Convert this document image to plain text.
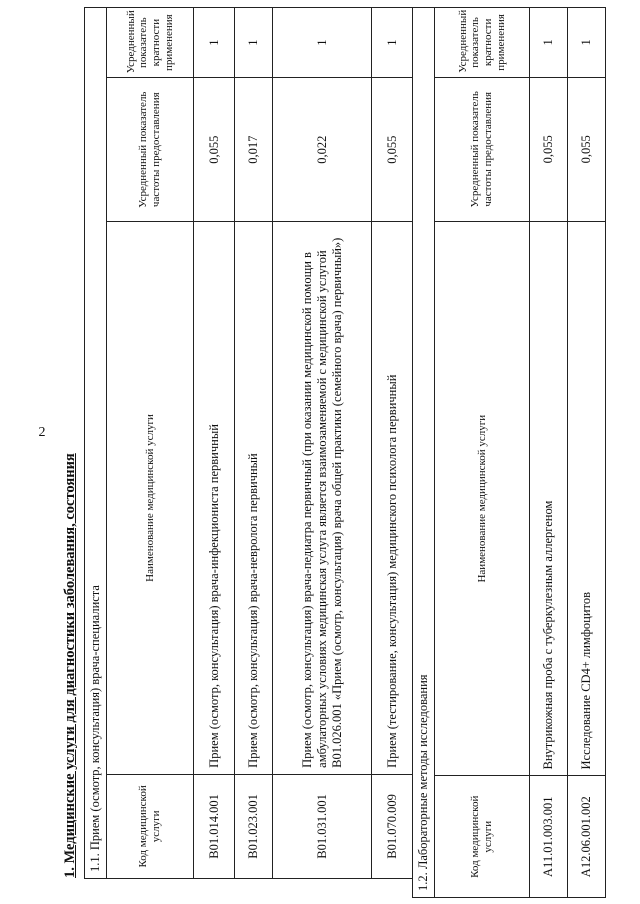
2
1. Медицинские услуги для диагностики заболевания, состояния 1.1. Прием (осмотр, консультация) врача-специалиста			
Код медицинской услуги	Наименование медицинской услуги	Усредненный показатель частоты предоставления	Усредненный показатель кратности применения
B01.014.001	Прием (осмотр, консультация) врача-инфекциониста первичный	0,055	1
B01.023.001	Прием (осмотр, консультация) врача-невролога первичный	0,017	1
B01.031.001	Прием (осмотр, консультация) врача-педиатра первичный (при оказании медицинской помощи в амбулаторных условиях медицинская услуга является взаимозаменяемой с медицинской услугой B01.026.001 «Прием (осмотр, консультация) врача общей практики (семейного врача) первичный»)	0,022	1
B01.070.009	Прием (тестирование, консультация) медицинского психолога первичный	0,055	1
1.2. Лабораторные методы исследования			
Код медицинской услуги	Наименование медицинской услуги	Усредненный показатель частоты предоставления	Усредненный показатель кратности применения
A11.01.003.001	Внутрикожная проба с туберкулезным аллергеном	0,055	1
A12.06.001.002	Исследование CD4+ лимфоцитов	0,055	1
